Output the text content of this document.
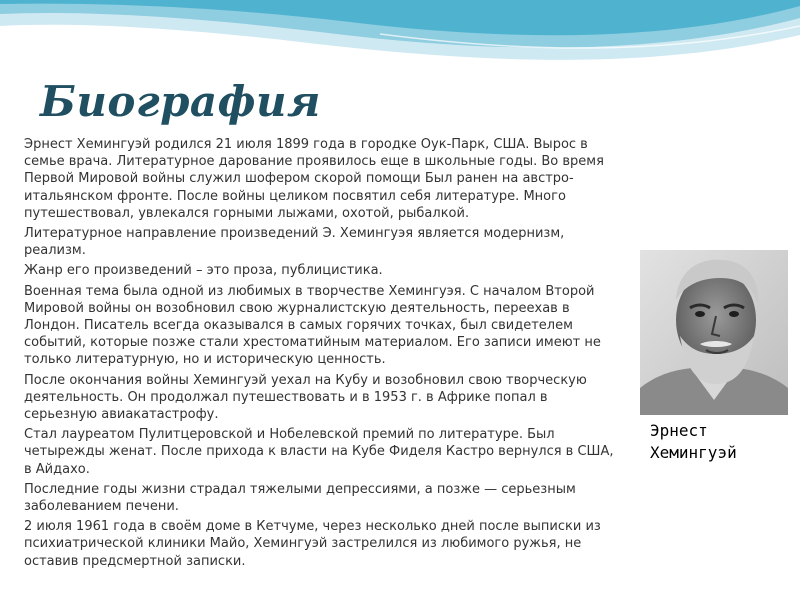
Биография

Эрнест Хемингуэй родился 21 июля 1899 года в городке Оук-Парк, США. Вырос в семье врача. Литературное дарование проявилось еще в школьные годы. Во время Первой Мировой войны служил шофером скорой помощи Был ранен на австро-итальянском фронте. После войны целиком посвятил себя литературе. Много путешествовал, увлекался горными лыжами, охотой, рыбалкой.

Литературное направление произведений Э. Хемингуэя является модернизм, реализм.

Жанр его произведений – это проза, публицистика.

Военная тема была одной из любимых в творчестве Хемингуэя. С началом Второй Мировой войны он возобновил свою журналистскую деятельность, переехав в Лондон. Писатель всегда оказывался в самых горячих точках, был свидетелем событий, которые позже стали хрестоматийным материалом. Его записи имеют не только литературную, но и историческую ценность.

После окончания войны Хемингуэй уехал на Кубу и возобновил свою творческую деятельность. Он продолжал путешествовать и в 1953 г. в Африке попал в серьезную авиакатастрофу.

Стал лауреатом Пулитцеровской и Нобелевской премий по литературе. Был четырежды женат. После прихода к власти на Кубе Фиделя Кастро вернулся в США, в Айдахо.

Последние годы жизни страдал тяжелыми депрессиями, а позже — серьезным заболеванием печени.

2 июля 1961 года в своём доме в Кетчуме, через несколько дней после выписки из психиатрической клиники Майо, Хемингуэй застрелился из любимого ружья, не оставив предсмертной записки.

Эрнест Хемингуэй
